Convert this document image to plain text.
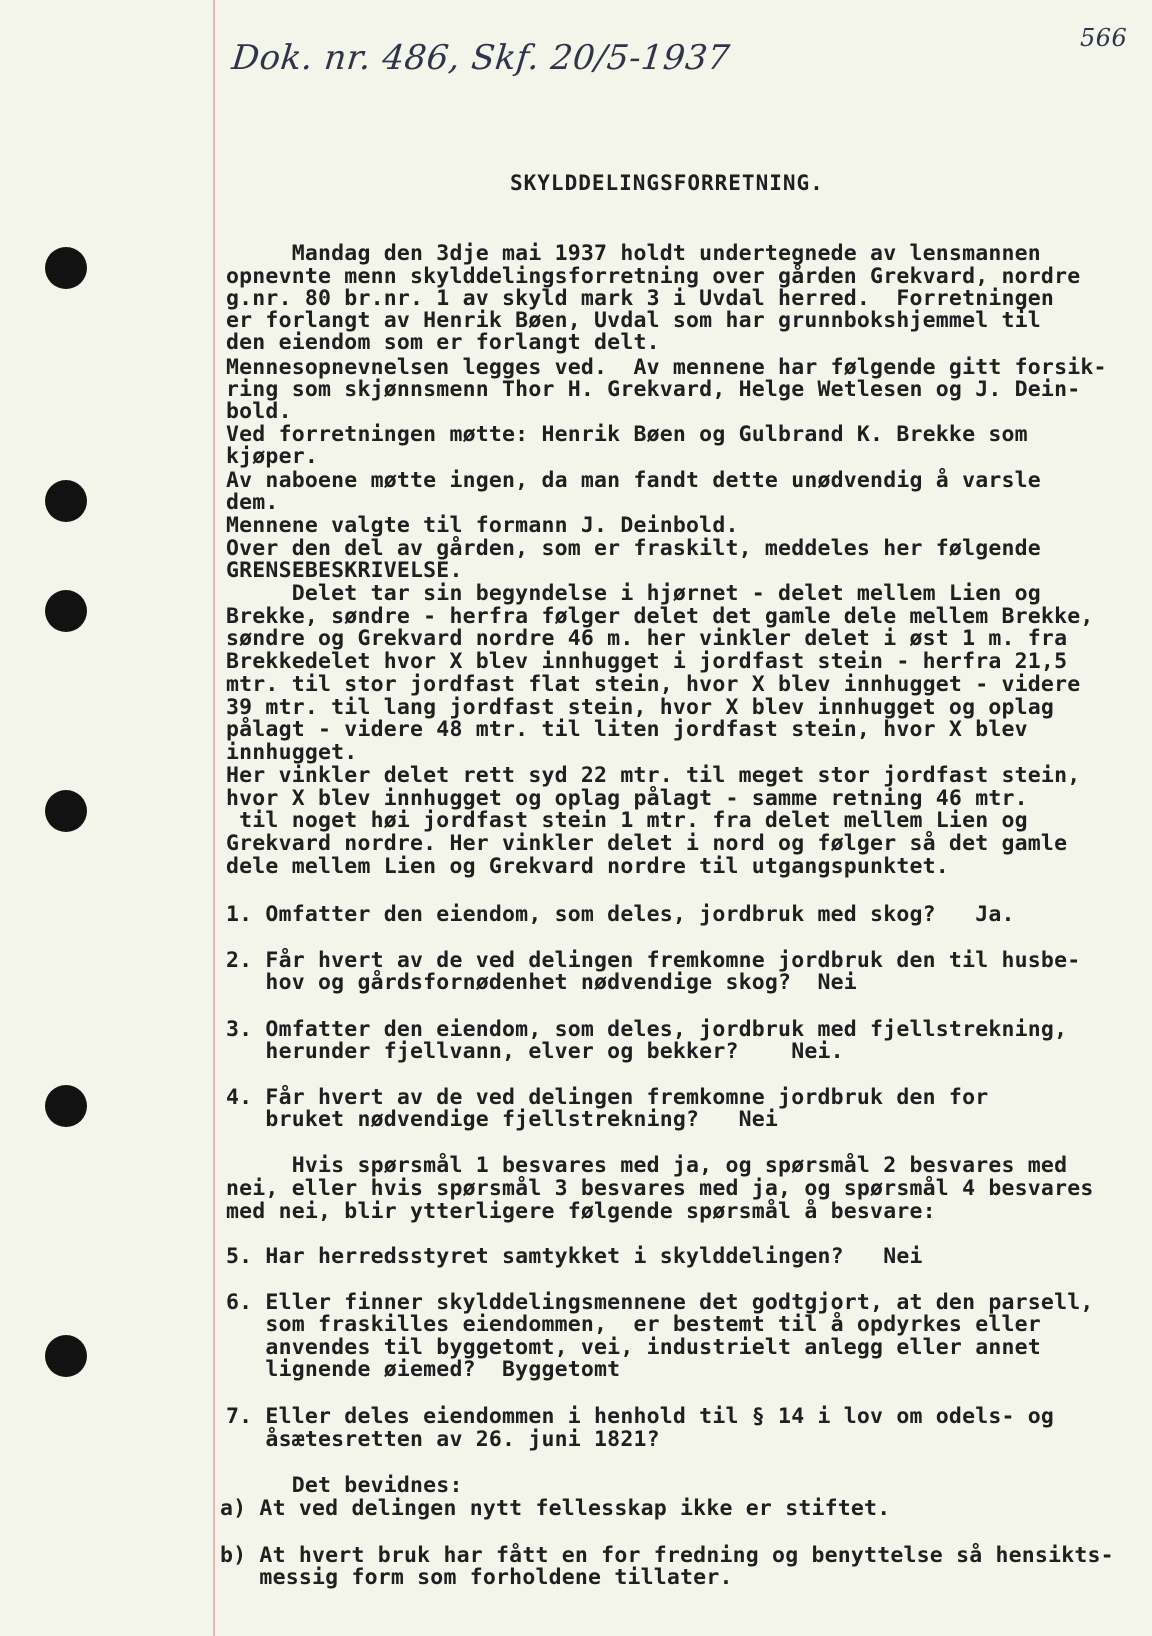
Dok. nr. 486, Skf. 20/5-1937	566
SKYLDDELINGSFORRETNING.
Mandag den 3dje mai 1937 holdt undertegnede av lensmannen
opnevnte menn skylddelingsforretning over gården Grekvard, nordre
g.nr. 80 br.nr. 1 av skyld mark 3 i Uvdal herred.  Forretningen
er forlangt av Henrik Bøen, Uvdal som har grunnbokshjemmel til
den eiendom som er forlangt delt.
Mennesopnevnelsen legges ved.  Av mennene har følgende gitt forsik-
ring som skjønnsmenn Thor H. Grekvard, Helge Wetlesen og J. Dein-
bold.
Ved forretningen møtte: Henrik Bøen og Gulbrand K. Brekke som
kjøper.
Av naboene møtte ingen, da man fandt dette unødvendig å varsle
dem.
Mennene valgte til formann J. Deinbold.
Over den del av gården, som er fraskilt, meddeles her følgende
GRENSEBESKRIVELSE.
Delet tar sin begyndelse i hjørnet - delet mellem Lien og
Brekke, søndre - herfra følger delet det gamle dele mellem Brekke,
søndre og Grekvard nordre 46 m. her vinkler delet i øst 1 m. fra
Brekkedelet hvor X blev innhugget i jordfast stein - herfra 21,5
mtr. til stor jordfast flat stein, hvor X blev innhugget - videre
39 mtr. til lang jordfast stein, hvor X blev innhugget og oplag
pålagt - videre 48 mtr. til liten jordfast stein, hvor X blev
innhugget.
Her vinkler delet rett syd 22 mtr. til meget stor jordfast stein,
hvor X blev innhugget og oplag pålagt - samme retning 46 mtr.
til noget høi jordfast stein 1 mtr. fra delet mellem Lien og
Grekvard nordre. Her vinkler delet i nord og følger så det gamle
dele mellem Lien og Grekvard nordre til utgangspunktet.
1. Omfatter den eiendom, som deles, jordbruk med skog?   Ja.
2. Får hvert av de ved delingen fremkomne jordbruk den til husbe-
hov og gårdsfornødenhet nødvendige skog?  Nei
3. Omfatter den eiendom, som deles, jordbruk med fjellstrekning,
herunder fjellvann, elver og bekker?    Nei.
4. Får hvert av de ved delingen fremkomne jordbruk den for
bruket nødvendige fjellstrekning?   Nei
Hvis spørsmål 1 besvares med ja, og spørsmål 2 besvares med
nei, eller hvis spørsmål 3 besvares med ja, og spørsmål 4 besvares
med nei, blir ytterligere følgende spørsmål å besvare:
5. Har herredsstyret samtykket i skylddelingen?   Nei
6. Eller finner skylddelingsmennene det godtgjort, at den parsell,
som fraskilles eiendommen,  er bestemt til å opdyrkes eller
anvendes til byggetomt, vei, industrielt anlegg eller annet
lignende øiemed?  Byggetomt
7. Eller deles eiendommen i henhold til § 14 i lov om odels- og
åsætesretten av 26. juni 1821?
Det bevidnes:
a) At ved delingen nytt fellesskap ikke er stiftet.
b) At hvert bruk har fått en for fredning og benyttelse så hensikts-
messig form som forholdene tillater.
